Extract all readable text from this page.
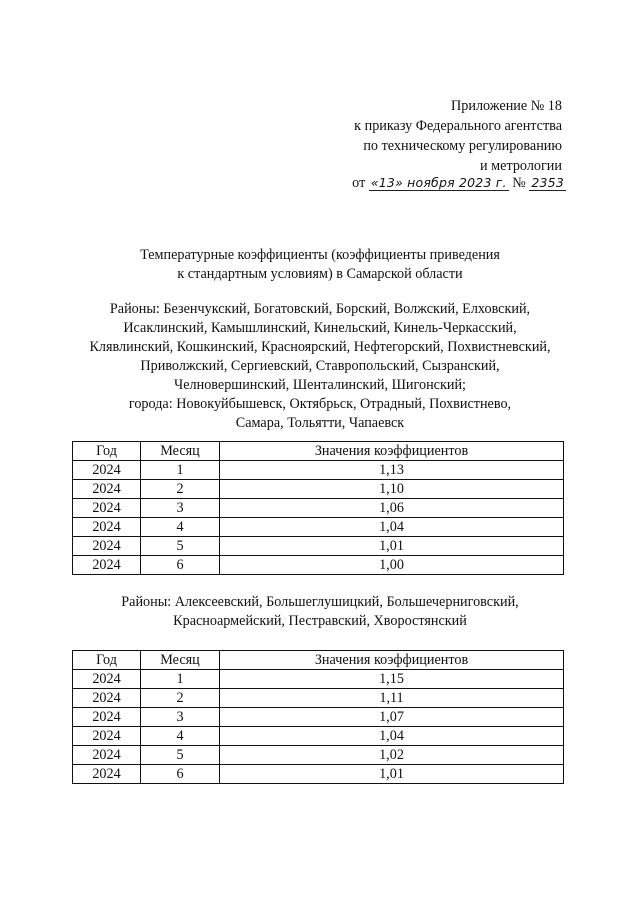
Приложение № 18
к приказу Федерального агентства
по техническому регулированию
и метрологии
от «13» ноября 2023 г. № 2353
Температурные коэффициенты (коэффициенты приведения
к стандартным условиям) в Самарской области
Районы: Безенчукский, Богатовский, Борский, Волжский, Елховский,
Исаклинский, Камышлинский, Кинельский, Кинель-Черкасский,
Клявлинский, Кошкинский, Красноярский, Нефтегорский, Похвистневский,
Приволжский, Сергиевский, Ставропольский, Сызранский,
Челновершинский, Шенталинский, Шигонский;
города: Новокуйбышевск, Октябрьск, Отрадный, Похвистнево,
Самара, Тольятти, Чапаевск
Год	Месяц	Значения коэффициентов
2024	1	1,13
2024	2	1,10
2024	3	1,06
2024	4	1,04
2024	5	1,01
2024	6	1,00
Районы: Алексеевский, Большеглушицкий, Большечерниговский,
Красноармейский, Пестравский, Хворостянский
Год	Месяц	Значения коэффициентов
2024	1	1,15
2024	2	1,11
2024	3	1,07
2024	4	1,04
2024	5	1,02
2024	6	1,01
